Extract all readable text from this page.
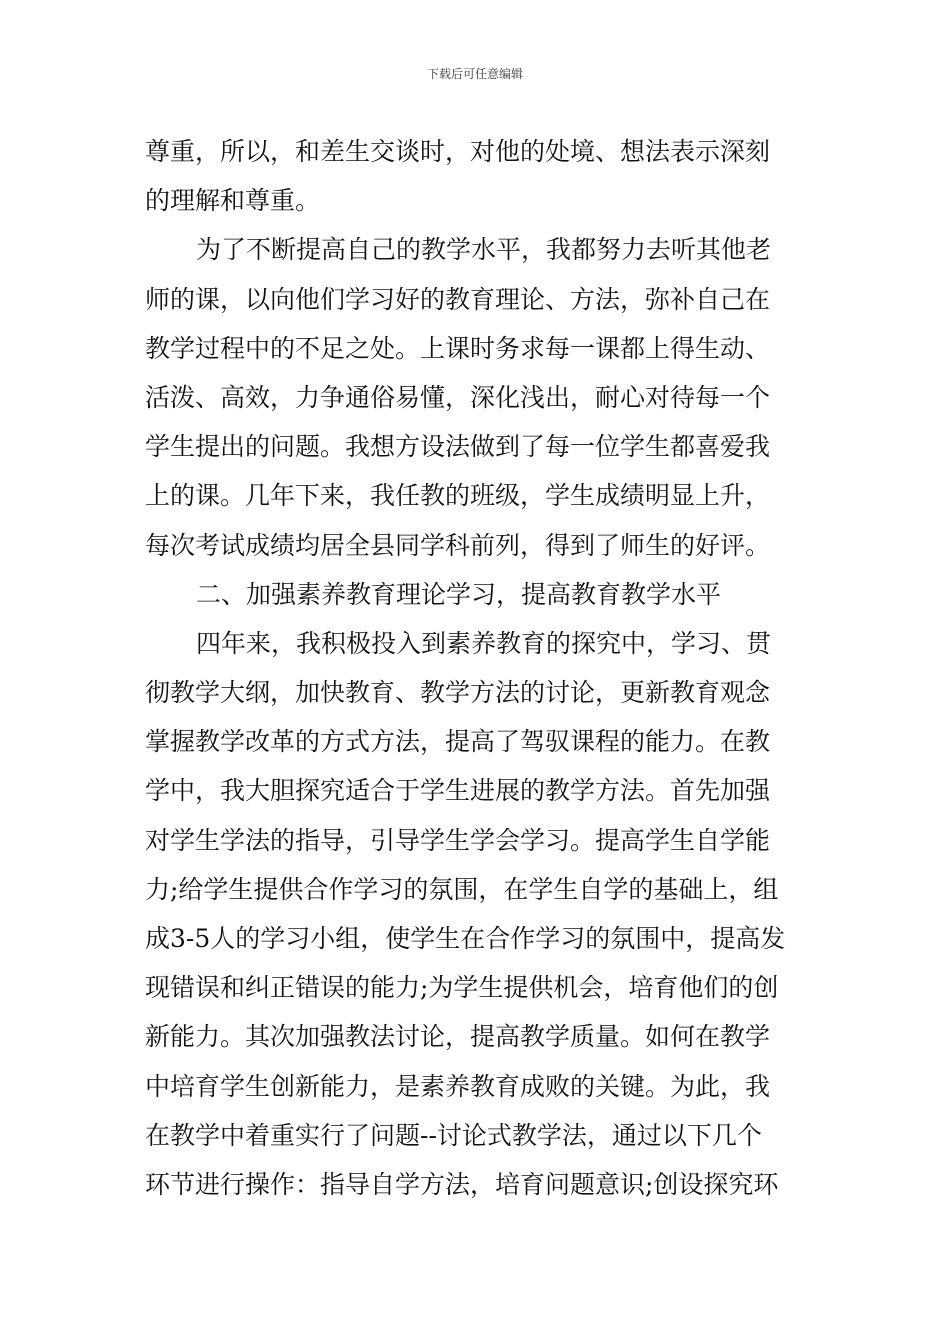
下载后可任意编辑
尊重，所以，和差生交谈时，对他的处境、想法表示深刻
的理解和尊重。
为了不断提高自己的教学水平，我都努力去听其他老
师的课，以向他们学习好的教育理论、方法，弥补自己在
教学过程中的不足之处。上课时务求每一课都上得生动、
活泼、高效，力争通俗易懂，深化浅出，耐心对待每一个
学生提出的问题。我想方设法做到了每一位学生都喜爱我
上的课。几年下来，我任教的班级，学生成绩明显上升，
每次考试成绩均居全县同学科前列，得到了师生的好评。
二、加强素养教育理论学习，提高教育教学水平
四年来，我积极投入到素养教育的探究中，学习、贯
彻教学大纲，加快教育、教学方法的讨论，更新教育观念
掌握教学改革的方式方法，提高了驾驭课程的能力。在教
学中，我大胆探究适合于学生进展的教学方法。首先加强
对学生学法的指导，引导学生学会学习。提高学生自学能
力;给学生提供合作学习的氛围，在学生自学的基础上，组
成3-5人的学习小组，使学生在合作学习的氛围中，提高发
现错误和纠正错误的能力;为学生提供机会，培育他们的创
新能力。其次加强教法讨论，提高教学质量。如何在教学
中培育学生创新能力，是素养教育成败的关键。为此，我
在教学中着重实行了问题--讨论式教学法，通过以下几个
环节进行操作：指导自学方法，培育问题意识;创设探究环
